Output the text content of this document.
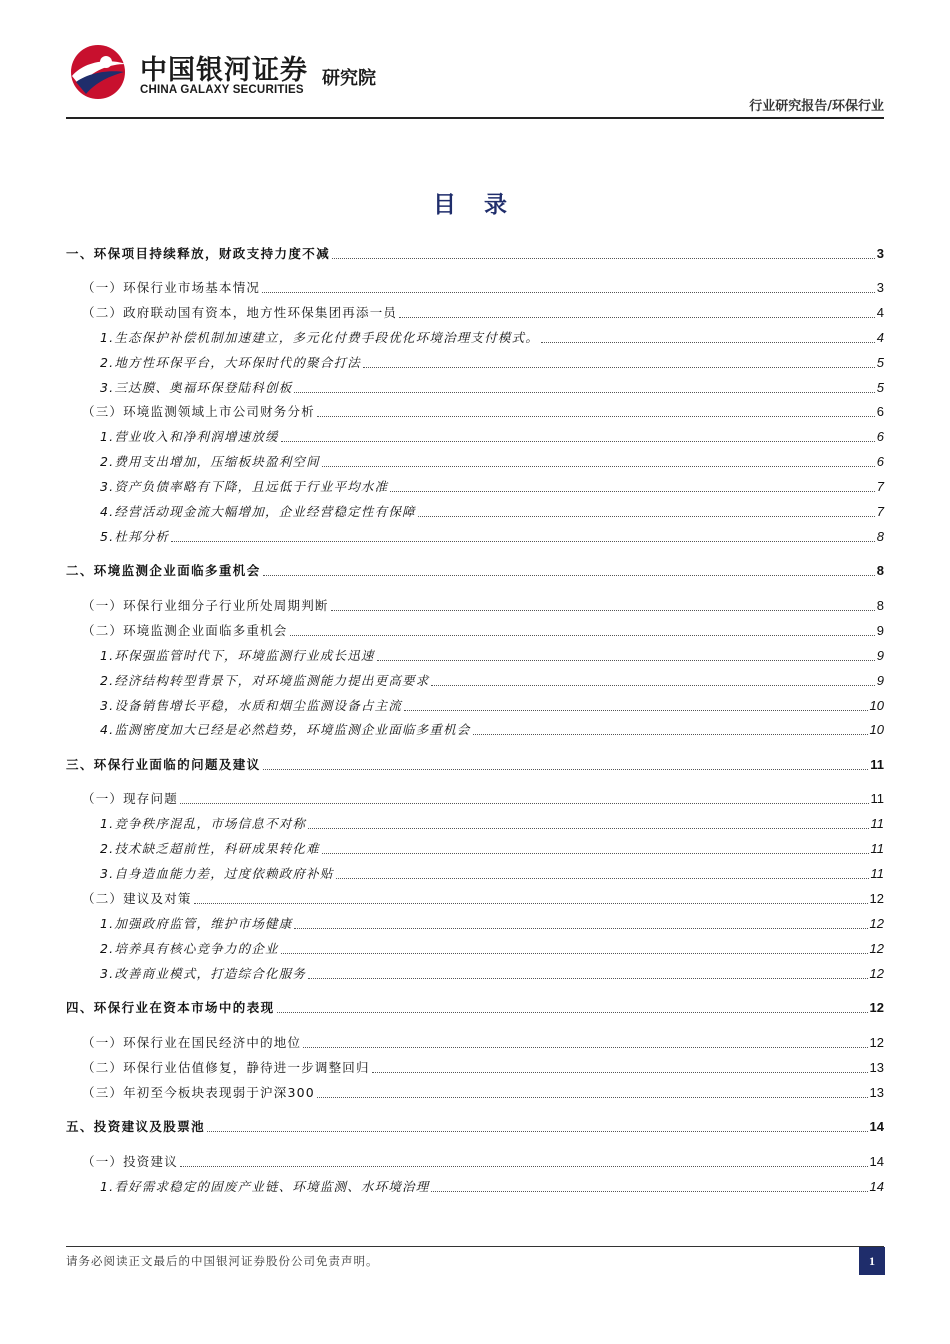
中国银河证券
CHINA GALAXY SECURITIES
研究院
行业研究报告/环保行业
目 录
一、环保项目持续释放，财政支持力度不减	3
（一）环保行业市场基本情况	3
（二）政府联动国有资本，地方性环保集团再添一员	4
1.生态保护补偿机制加速建立，多元化付费手段优化环境治理支付模式。	4
2.地方性环保平台，大环保时代的聚合打法	5
3.三达膜、奥福环保登陆科创板	5
（三）环境监测领域上市公司财务分析	6
1.营业收入和净利润增速放缓	6
2.费用支出增加，压缩板块盈利空间	6
3.资产负债率略有下降，且远低于行业平均水准	7
4.经营活动现金流大幅增加，企业经营稳定性有保障	7
5.杜邦分析	8
二、环境监测企业面临多重机会	8
（一）环保行业细分子行业所处周期判断	8
（二）环境监测企业面临多重机会	9
1.环保强监管时代下，环境监测行业成长迅速	9
2.经济结构转型背景下，对环境监测能力提出更高要求	9
3.设备销售增长平稳，水质和烟尘监测设备占主流	10
4.监测密度加大已经是必然趋势，环境监测企业面临多重机会	10
三、环保行业面临的问题及建议	11
（一）现存问题	11
1.竞争秩序混乱，市场信息不对称	11
2.技术缺乏超前性，科研成果转化难	11
3.自身造血能力差，过度依赖政府补贴	11
（二）建议及对策	12
1.加强政府监管，维护市场健康	12
2.培养具有核心竞争力的企业	12
3.改善商业模式，打造综合化服务	12
四、环保行业在资本市场中的表现	12
（一）环保行业在国民经济中的地位	12
（二）环保行业估值修复，静待进一步调整回归	13
（三）年初至今板块表现弱于沪深300	13
五、投资建议及股票池	14
（一）投资建议	14
1.看好需求稳定的固废产业链、环境监测、水环境治理	14
请务必阅读正文最后的中国银河证券股份公司免责声明。	1
